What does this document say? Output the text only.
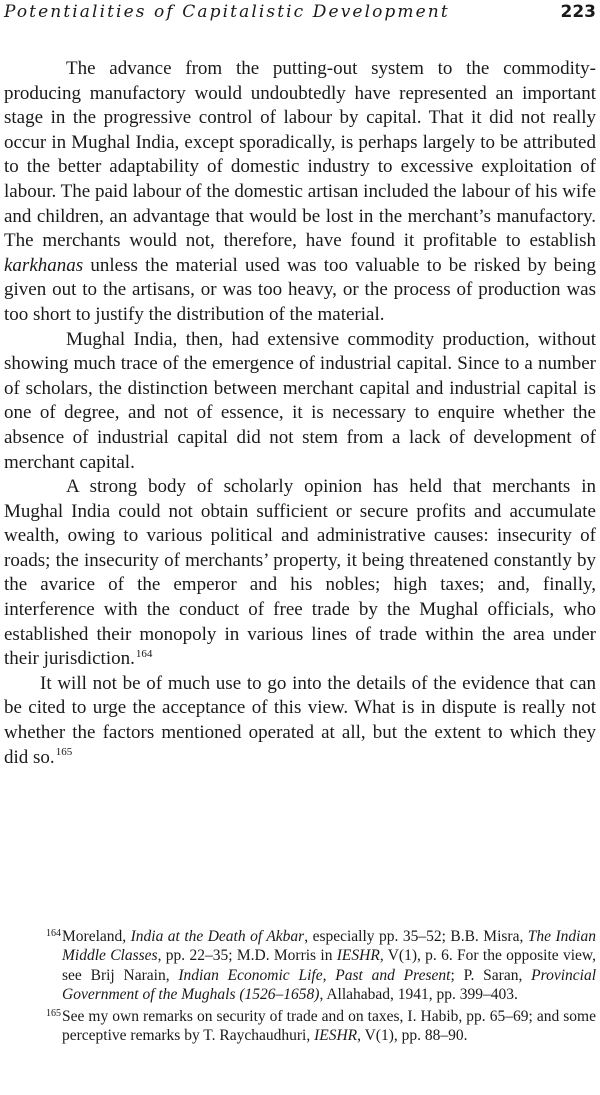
Potentialities of Capitalistic Development	223

The advance from the putting-out system to the commodity-producing manufactory would undoubtedly have represented an important stage in the progressive control of labour by capital. That it did not really occur in Mughal India, except sporadically, is perhaps largely to be attributed to the better adaptability of domestic industry to excessive exploitation of labour. The paid labour of the domestic artisan included the labour of his wife and children, an advantage that would be lost in the merchant’s manufactory. The merchants would not, therefore, have found it profitable to establish karkhanas unless the material used was too valuable to be risked by being given out to the artisans, or was too heavy, or the process of production was too short to justify the distribution of the material.

Mughal India, then, had extensive commodity production, without showing much trace of the emergence of industrial capital. Since to a number of scholars, the distinction between merchant capital and industrial capital is one of degree, and not of essence, it is necessary to enquire whether the absence of industrial capital did not stem from a lack of development of merchant capital.

A strong body of scholarly opinion has held that merchants in Mughal India could not obtain sufficient or secure profits and accumulate wealth, owing to various political and administrative causes: insecurity of roads; the insecurity of merchants’ property, it being threatened constantly by the avarice of the emperor and his nobles; high taxes; and, finally, interference with the conduct of free trade by the Mughal officials, who established their monopoly in various lines of trade within the area under their jurisdiction.$^{164}$

It will not be of much use to go into the details of the evidence that can be cited to urge the acceptance of this view. What is in dispute is really not whether the factors mentioned operated at all, but the extent to which they did so.$^{165}$

164 Moreland, India at the Death of Akbar, especially pp. 35–52; B.B. Misra, The Indian Middle Classes, pp. 22–35; M.D. Morris in IESHR, V(1), p. 6. For the opposite view, see Brij Narain, Indian Economic Life, Past and Present; P. Saran, Provincial Government of the Mughals (1526–1658), Allahabad, 1941, pp. 399–403.
165 See my own remarks on security of trade and on taxes, I. Habib, pp. 65–69; and some perceptive remarks by T. Raychaudhuri, IESHR, V(1), pp. 88–90.
